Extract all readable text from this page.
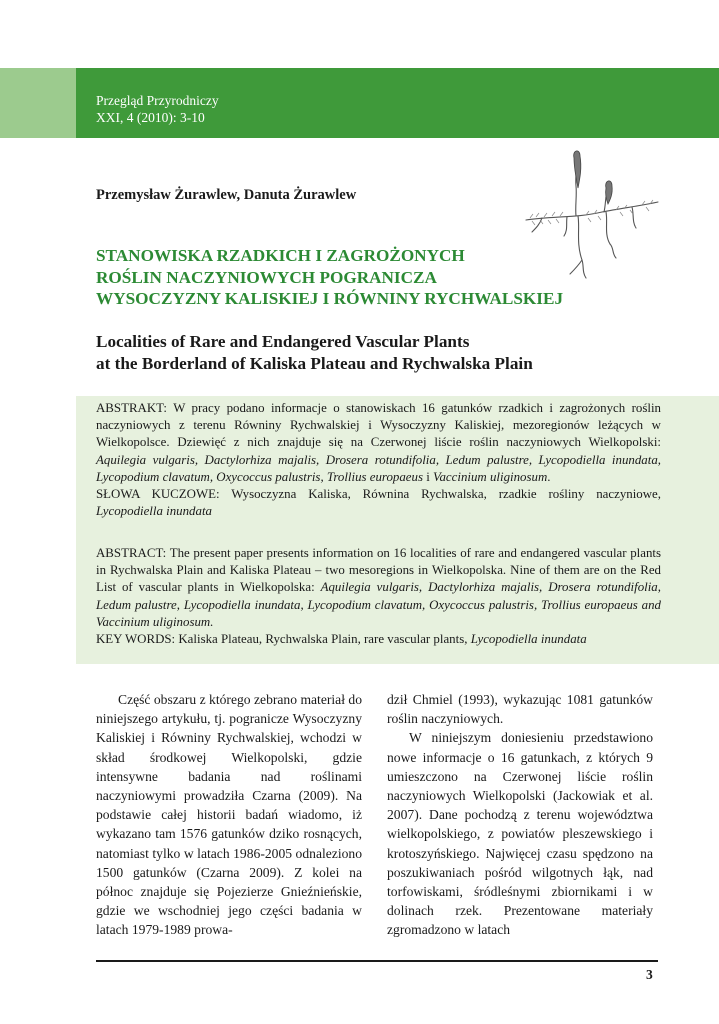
Przegląd Przyrodniczy
XXI, 4 (2010): 3-10
Przemysław Żurawlew, Danuta Żurawlew
STANOWISKA RZADKICH I ZAGROŻONYCH
ROŚLIN NACZYNIOWYCH POGRANICZA
WYSOCZYZNY KALISKIEJ I RÓWNINY RYCHWALSKIEJ
Localities of Rare and Endangered Vascular Plants
at the Borderland of Kaliska Plateau and Rychwalska Plain

ABSTRAKT: W pracy podano informacje o stanowiskach 16 gatunków rzadkich i zagrożonych roślin naczyniowych z terenu Równiny Rychwalskiej i Wysoczyzny Kaliskiej, mezoregionów leżących w Wielkopolsce. Dziewięć z nich znajduje się na Czerwonej liście roślin naczyniowych Wielkopolski: Aquilegia vulgaris, Dactylorhiza majalis, Drosera rotundifolia, Ledum palustre, Lycopodiella inundata, Lycopodium clavatum, Oxycoccus palustris, Trollius europaeus i Vaccinium uliginosum.

SŁOWA KUCZOWE: Wysoczyzna Kaliska, Równina Rychwalska, rzadkie rośliny naczyniowe, Lycopodiella inundata

ABSTRACT: The present paper presents information on 16 localities of rare and endangered vascular plants in Rychwalska Plain and Kaliska Plateau – two mesoregions in Wielkopolska. Nine of them are on the Red List of vascular plants in Wielkopolska: Aquilegia vulgaris, Dactylorhiza majalis, Drosera rotundifolia, Ledum palustre, Lycopodiella inundata, Lycopodium clavatum, Oxycoccus palustris, Trollius europaeus and Vaccinium uliginosum.

KEY WORDS: Kaliska Plateau, Rychwalska Plain, rare vascular plants, Lycopodiella inundata

Część obszaru z którego zebrano materiał do niniejszego artykułu, tj. pogranicze Wysoczyzny Kaliskiej i Równiny Rychwalskiej, wchodzi w skład środkowej Wielkopolski, gdzie intensywne badania nad roślinami naczyniowymi prowadziła Czarna (2009). Na podstawie całej historii badań wiadomo, iż wykazano tam 1576 gatunków dziko rosnących, natomiast tylko w latach 1986-2005 odnaleziono 1500 gatunków (Czarna 2009). Z kolei na północ znajduje się Pojezierze Gnieźnieńskie, gdzie we wschodniej jego części badania w latach 1979-1989 prowa-

dził Chmiel (1993), wykazując 1081 gatunków roślin naczyniowych.

W niniejszym doniesieniu przedstawiono nowe informacje o 16 gatunkach, z których 9 umieszczono na Czerwonej liście roślin naczyniowych Wielkopolski (Jackowiak et al. 2007). Dane pochodzą z terenu województwa wielkopolskiego, z powiatów pleszewskiego i krotoszyńskiego. Najwięcej czasu spędzono na poszukiwaniach pośród wilgotnych łąk, nad torfowiskami, śródleśnymi zbiornikami i w dolinach rzek. Prezentowane materiały zgromadzono w latach

3
